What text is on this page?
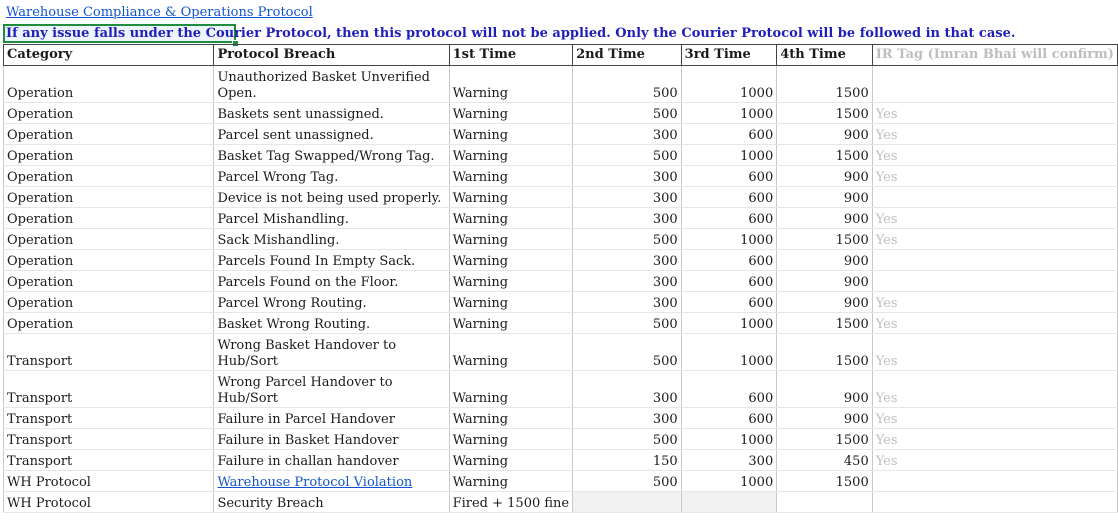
Warehouse Compliance & Operations Protocol
If any issue falls under the Courier Protocol, then this protocol will not be applied. Only the Courier Protocol will be followed in that case.
Category	Protocol Breach	1st Time	2nd Time	3rd Time	4th Time	IR Tag (Imran Bhai will confirm)
Operation	Unauthorized Basket Unverified Open.	Warning	500	1000	1500	
Operation	Baskets sent unassigned.	Warning	500	1000	1500	Yes
Operation	Parcel sent unassigned.	Warning	300	600	900	Yes
Operation	Basket Tag Swapped/Wrong Tag.	Warning	500	1000	1500	Yes
Operation	Parcel Wrong Tag.	Warning	300	600	900	Yes
Operation	Device is not being used properly.	Warning	300	600	900	
Operation	Parcel Mishandling.	Warning	300	600	900	Yes
Operation	Sack Mishandling.	Warning	500	1000	1500	Yes
Operation	Parcels Found In Empty Sack.	Warning	300	600	900	
Operation	Parcels Found on the Floor.	Warning	300	600	900	
Operation	Parcel Wrong Routing.	Warning	300	600	900	Yes
Operation	Basket Wrong Routing.	Warning	500	1000	1500	Yes
Transport	Wrong Basket Handover to Hub/Sort	Warning	500	1000	1500	Yes
Transport	Wrong Parcel Handover to Hub/Sort	Warning	300	600	900	Yes
Transport	Failure in Parcel Handover	Warning	300	600	900	Yes
Transport	Failure in Basket Handover	Warning	500	1000	1500	Yes
Transport	Failure in challan handover	Warning	150	300	450	Yes
WH Protocol	Warehouse Protocol Violation	Warning	500	1000	1500	
WH Protocol	Security Breach	Fired + 1500 fine				
